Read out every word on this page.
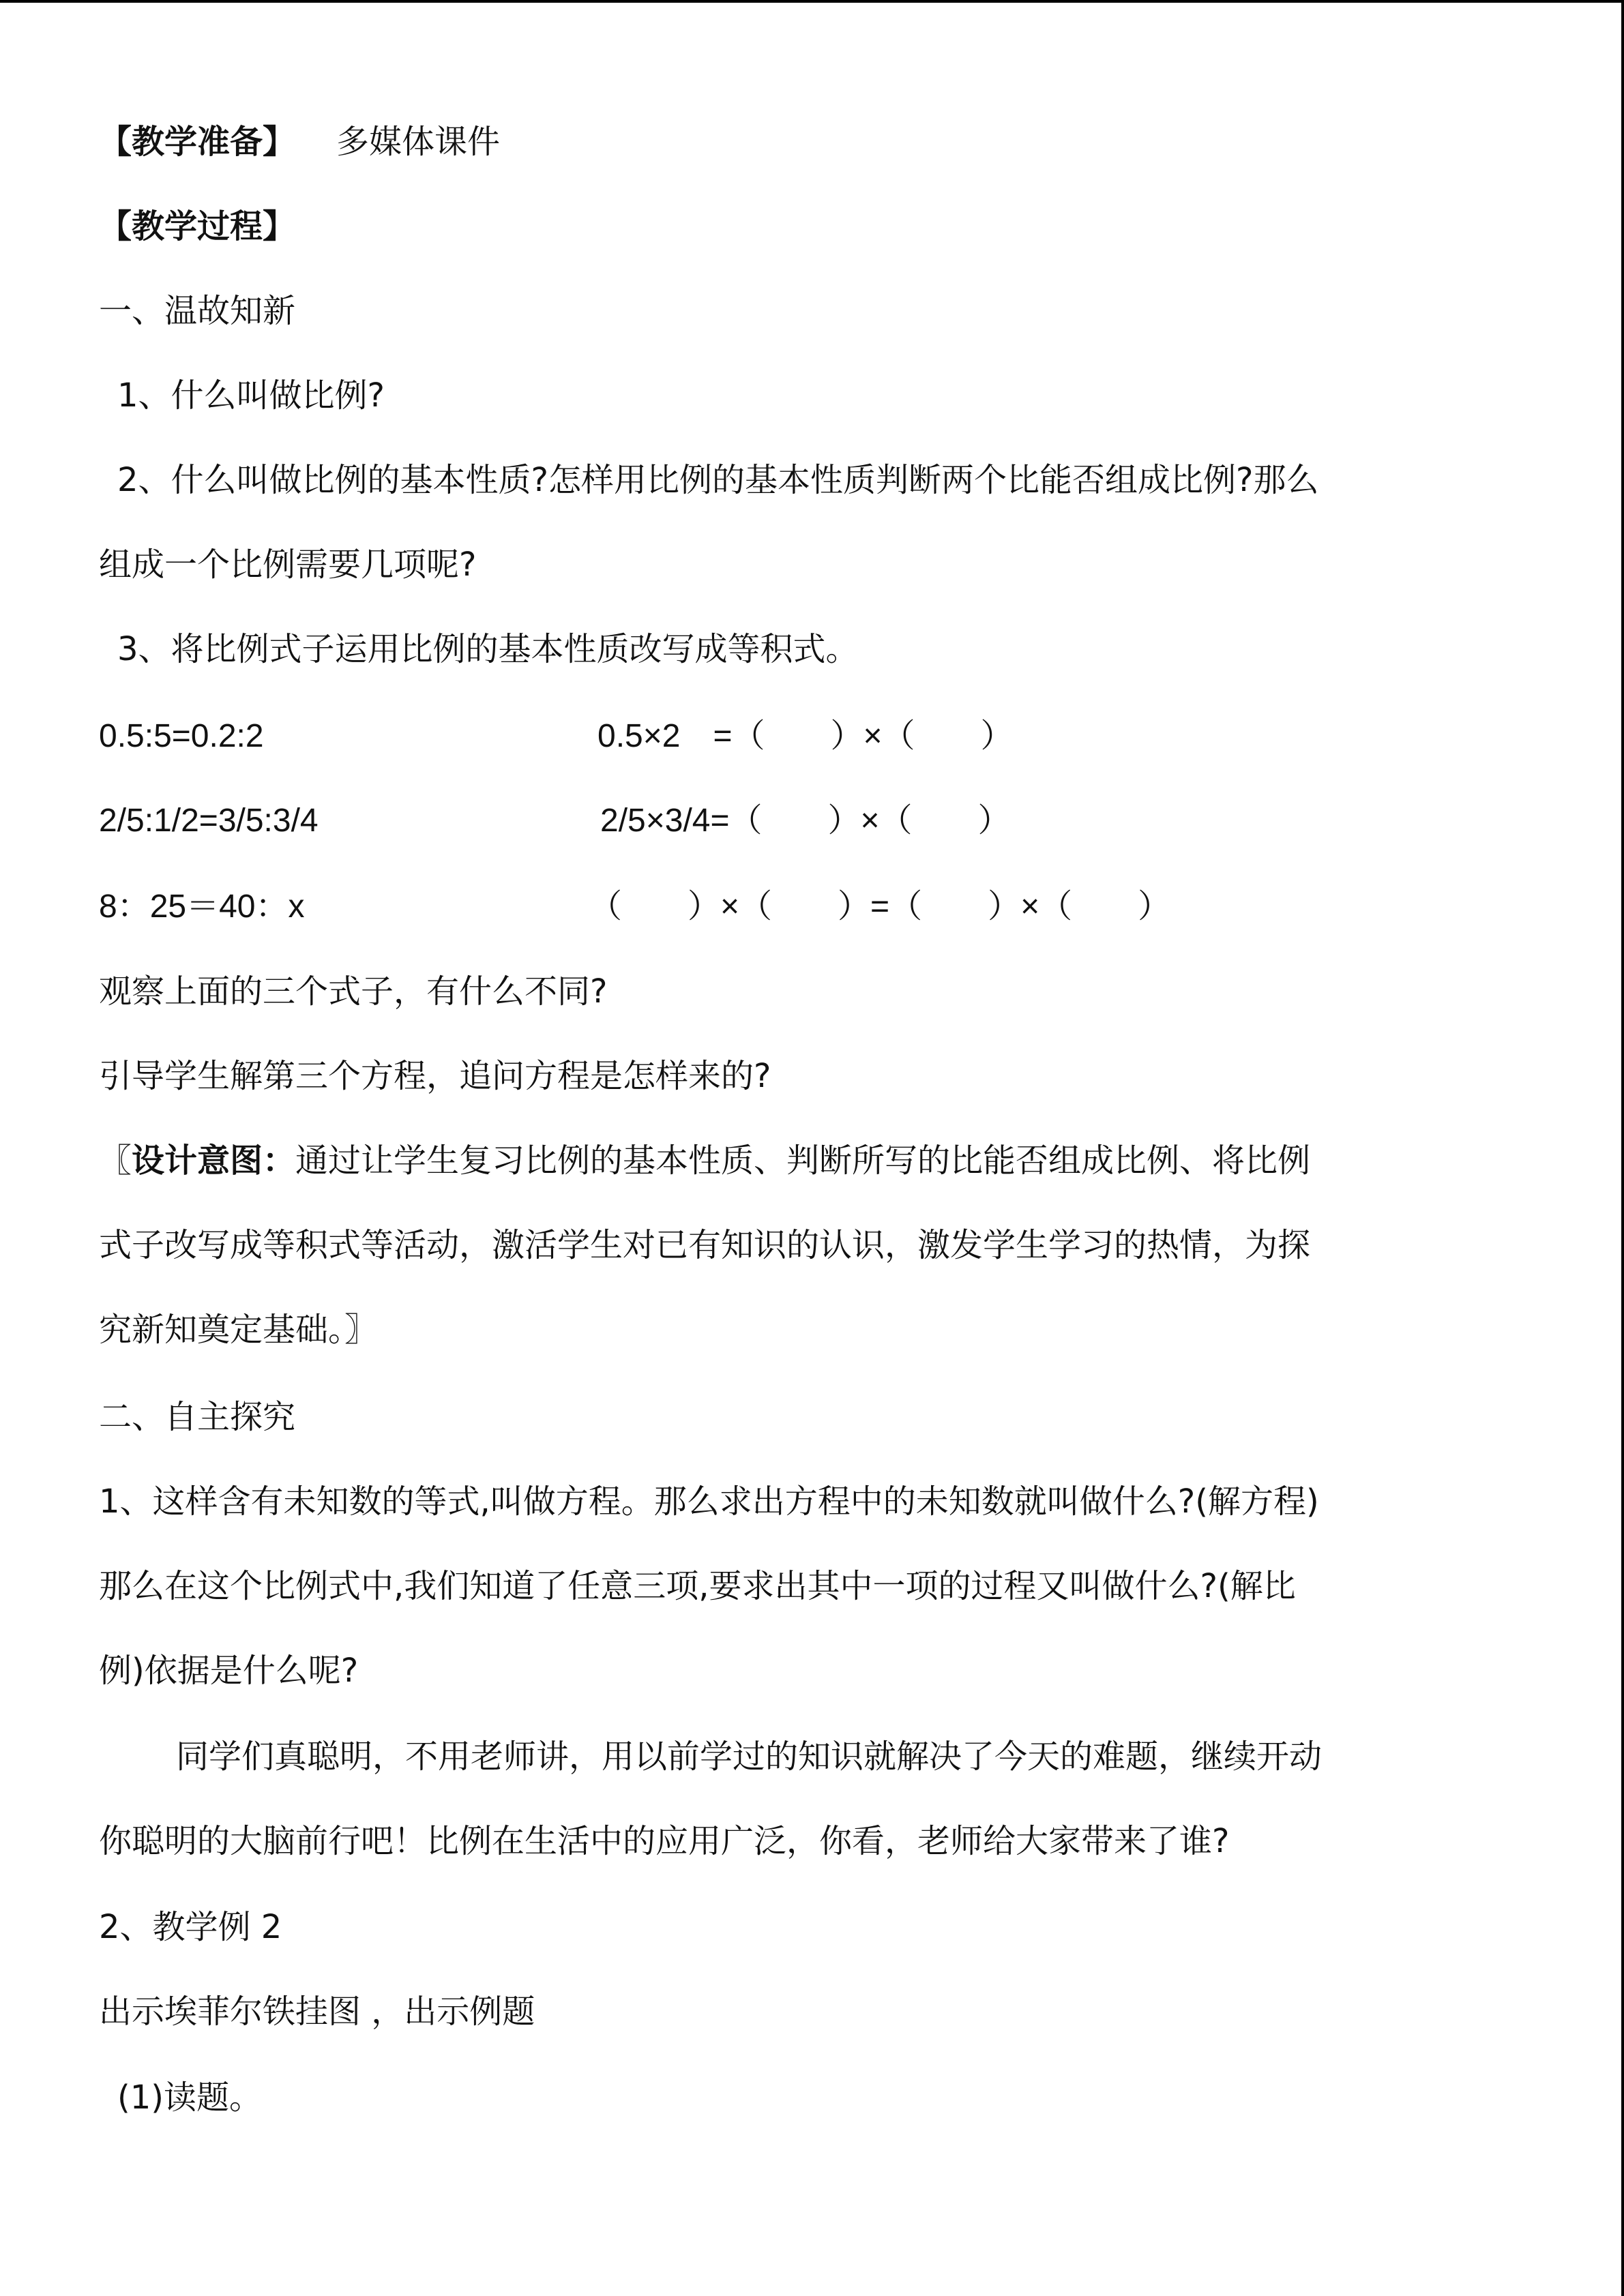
【教学准备】 多媒体课件
【教学过程】
一、温故知新
1、什么叫做比例?
2、什么叫做比例的基本性质?怎样用比例的基本性质判断两个比能否组成比例?那么
组成一个比例需要几项呢?
3、将比例式子运用比例的基本性质改写成等积式。
0.5:5=0.2:2	0.5×2　=（　　）×（　　）
2/5:1/2=3/5:3/4	2/5×3/4=（　　）×（　　）
8：25＝40：x	（　　）×（　　）=（　　）×（　　）
观察上面的三个式子，有什么不同?
引导学生解第三个方程，追问方程是怎样来的?
〖设计意图：通过让学生复习比例的基本性质、判断所写的比能否组成比例、将比例
式子改写成等积式等活动，激活学生对已有知识的认识，激发学生学习的热情，为探
究新知奠定基础。〗
二、自主探究
1、这样含有未知数的等式,叫做方程。那么求出方程中的未知数就叫做什么?(解方程)
那么在这个比例式中,我们知道了任意三项,要求出其中一项的过程又叫做什么?(解比
例)依据是什么呢?
同学们真聪明，不用老师讲，用以前学过的知识就解决了今天的难题，继续开动
你聪明的大脑前行吧！比例在生活中的应用广泛，你看，老师给大家带来了谁?
2、教学例 2
出示埃菲尔铁挂图 ，出示例题
(1)读题。
